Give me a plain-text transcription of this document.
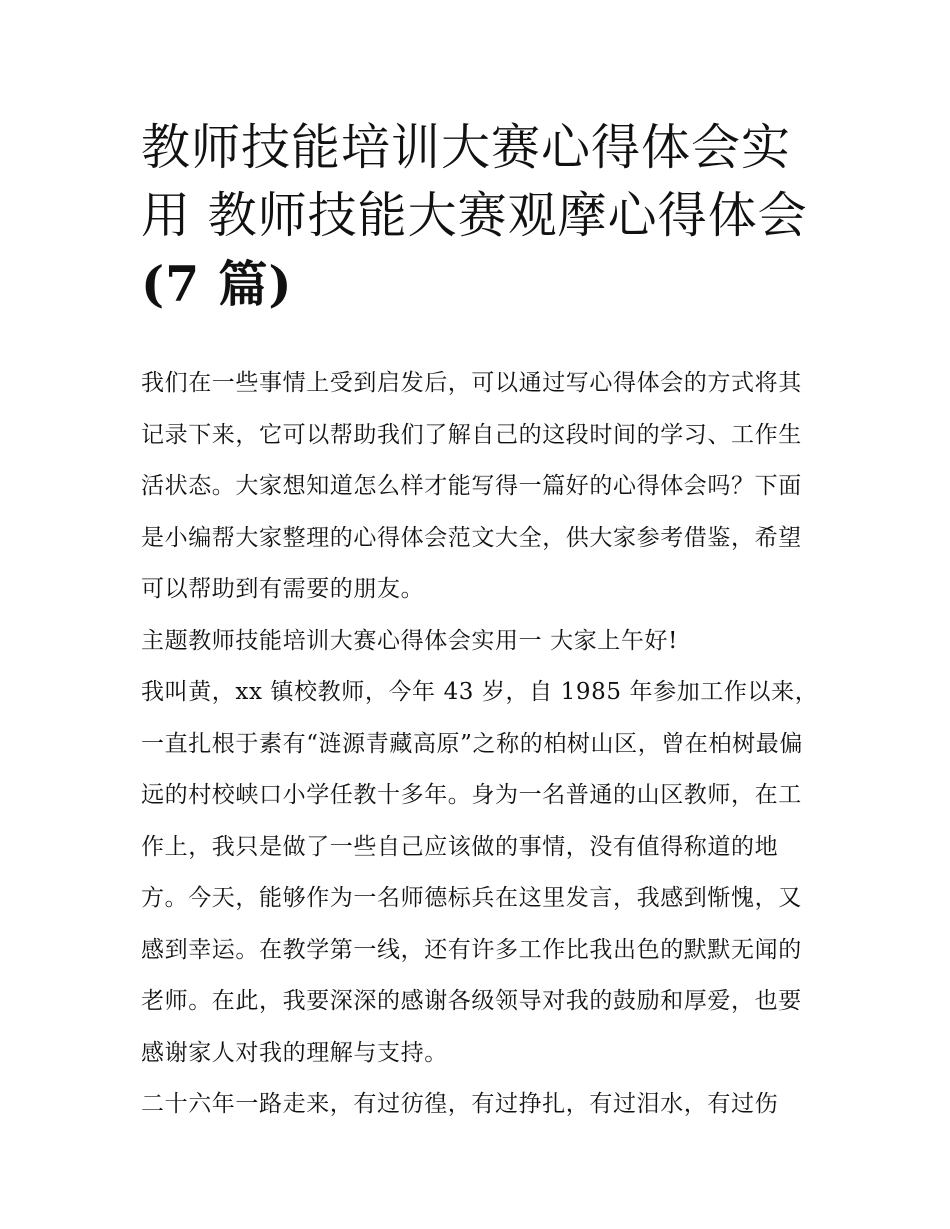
教师技能培训大赛心得体会实
用 教师技能大赛观摩心得体会
(7 篇)

我们在一些事情上受到启发后，可以通过写心得体会的方式将其记录下来，它可以帮助我们了解自己的这段时间的学习、工作生活状态。大家想知道怎么样才能写得一篇好的心得体会吗？下面是小编帮大家整理的心得体会范文大全，供大家参考借鉴，希望可以帮助到有需要的朋友。

主题教师技能培训大赛心得体会实用一 大家上午好!

我叫黄，xx 镇校教师，今年 43 岁，自 1985 年参加工作以来，一直扎根于素有“涟源青藏高原”之称的柏树山区，曾在柏树最偏远的村校峡口小学任教十多年。身为一名普通的山区教师，在工作上，我只是做了一些自己应该做的事情，没有值得称道的地方。今天，能够作为一名师德标兵在这里发言，我感到惭愧，又感到幸运。在教学第一线，还有许多工作比我出色的默默无闻的老师。在此，我要深深的感谢各级领导对我的鼓励和厚爱，也要感谢家人对我的理解与支持。

二十六年一路走来，有过彷徨，有过挣扎，有过泪水，有过伤
